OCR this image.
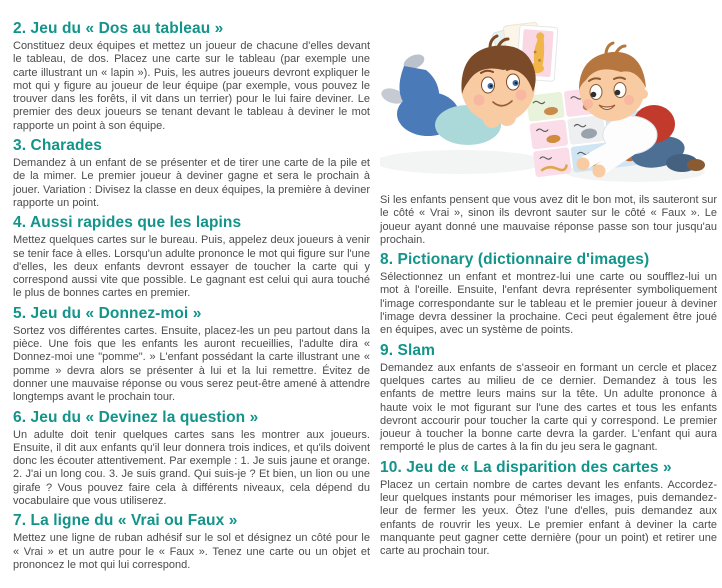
2. Jeu du « Dos au tableau »

Constituez deux équipes et mettez un joueur de chacune d'elles devant le tableau, de dos. Placez une carte sur le tableau (par exemple une carte illustrant un « lapin »). Puis, les autres joueurs devront expliquer le mot qui y figure au joueur de leur équipe (par exemple, vous pouvez le trouver dans les forêts, il vit dans un terrier) pour le lui faire deviner. Le premier des deux joueurs se tenant devant le tableau à deviner le mot rapporte un point à son équipe.

3. Charades

Demandez à un enfant de se présenter et de tirer une carte de la pile et de la mimer. Le premier joueur à deviner gagne et sera le prochain à jouer. Variation : Divisez la classe en deux équipes, la première à deviner rapporte un point.

4. Aussi rapides que les lapins

Mettez quelques cartes sur le bureau. Puis, appelez deux joueurs à venir se tenir face à elles. Lorsqu'un adulte prononce le mot qui figure sur l'une d'elles, les deux enfants devront essayer de toucher la carte qui y correspond aussi vite que possible. Le gagnant est celui qui aura touché le plus de bonnes cartes en premier.

5. Jeu du « Donnez-moi »

Sortez vos différentes cartes. Ensuite, placez-les un peu partout dans la pièce. Une fois que les enfants les auront recueillies, l'adulte dira « Donnez-moi une "pomme". » L'enfant possédant la carte illustrant une « pomme » devra alors se présenter à lui et la lui remettre. Évitez de donner une mauvaise réponse ou vous serez peut-être amené à attendre longtemps avant le prochain tour.

6. Jeu du « Devinez la question »

Un adulte doit tenir quelques cartes sans les montrer aux joueurs. Ensuite, il dit aux enfants qu'il leur donnera trois indices, et qu'ils doivent donc les écouter attentivement. Par exemple : 1. Je suis jaune et orange. 2. J'ai un long cou. 3. Je suis grand. Qui suis-je ? Et bien, un lion ou une girafe ? Vous pouvez faire cela à différents niveaux, cela dépend du vocabulaire que vous utiliserez.

7. La ligne du « Vrai ou Faux »

Mettez une ligne de ruban adhésif sur le sol et désignez un côté pour le « Vrai » et un autre pour le « Faux ». Tenez une carte ou un objet et prononcez le mot qui lui correspond.

Si les enfants pensent que vous avez dit le bon mot, ils sauteront sur le côté « Vrai », sinon ils devront sauter sur le côté « Faux ». Le joueur ayant donné une mauvaise réponse passe son tour jusqu'au prochain.

8. Pictionary (dictionnaire d'images)

Sélectionnez un enfant et montrez-lui une carte ou soufflez-lui un mot à l'oreille. Ensuite, l'enfant devra représenter symboliquement l'image correspondante sur le tableau et le premier joueur à deviner l'image devra dessiner la prochaine. Ceci peut également être joué en équipes, avec un système de points.

9. Slam

Demandez aux enfants de s'asseoir en formant un cercle et placez quelques cartes au milieu de ce dernier. Demandez à tous les enfants de mettre leurs mains sur la tête. Un adulte prononce à haute voix le mot figurant sur l'une des cartes et tous les enfants devront accourir pour toucher la carte qui y correspond. Le premier joueur à toucher la bonne carte devra la garder. L'enfant qui aura remporté le plus de cartes à la fin du jeu sera le gagnant.

10. Jeu de « La disparition des cartes »

Placez un certain nombre de cartes devant les enfants. Accordez-leur quelques instants pour mémoriser les images, puis demandez-leur de fermer les yeux. Ôtez l'une d'elles, puis demandez aux enfants de rouvrir les yeux. Le premier enfant à deviner la carte manquante peut gagner cette dernière (pour un point) et retirer une carte au prochain tour.
